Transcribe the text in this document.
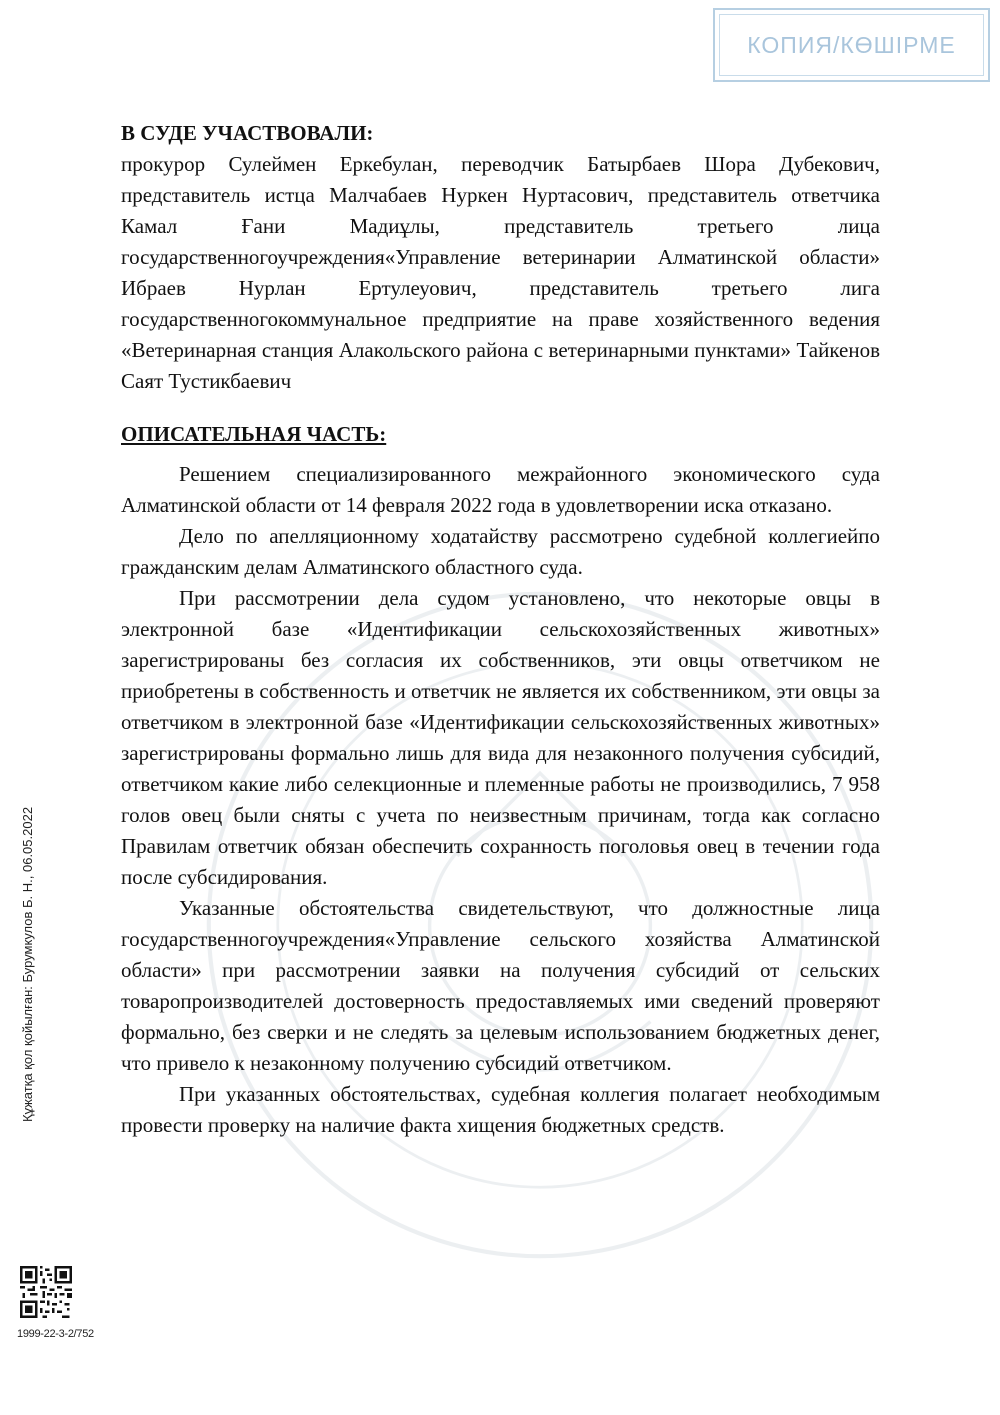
КОПИЯ/КӨШІРМЕ

В СУДЕ УЧАСТВОВАЛИ:

прокурор Сулеймен Еркебулан, переводчик Батырбаев Шора Дубекович, представитель истца Малчабаев Нуркен Нуртасович, представитель ответчика Камал Ғани Мадиұлы, представитель третьего лица государственногоучреждения«Управление ветеринарии Алматинской области» Ибраев Нурлан Ертулеуович, представитель третьего лига государственногокоммунальное предприятие на праве хозяйственного ведения «Ветеринарная станция Алакольского района с ветеринарными пунктами» Тайкенов Саят Тустикбаевич

ОПИСАТЕЛЬНАЯ ЧАСТЬ:

Решением специализированного межрайонного экономического суда Алматинской области от 14 февраля 2022 года в удовлетворении иска отказано.

Дело по апелляционному ходатайству рассмотрено судебной коллегиейпо гражданским делам Алматинского областного суда.

При рассмотрении дела судом установлено, что некоторые овцы в электронной базе «Идентификации сельскохозяйственных животных» зарегистрированы без согласия их собственников, эти овцы ответчиком не приобретены в собственность и ответчик не является их собственником, эти овцы за ответчиком в электронной базе «Идентификации сельскохозяйственных животных» зарегистрированы формально лишь для вида для незаконного получения субсидий, ответчиком какие либо селекционные и племенные работы не производились, 7 958 голов овец были сняты с учета по неизвестным причинам, тогда как согласно Правилам ответчик обязан обеспечить сохранность поголовья овец в течении года после субсидирования.

Указанные обстоятельства свидетельствуют, что должностные лица государственногоучреждения«Управление сельского хозяйства Алматинской области» при рассмотрении заявки на получения субсидий от сельских товаропроизводителей достоверность предоставляемых ими сведений проверяют формально, без сверки и не следять за целевым использованием бюджетных денег, что привело к незаконному получению субсидий ответчиком.

При указанных обстоятельствах, судебная коллегия полагает необходимым провести проверку на наличие факта хищения бюджетных средств.

Құжатқа қол қойылған: Бурумкулов Б. Н., 06.05.2022
1999-22-3-2/752
